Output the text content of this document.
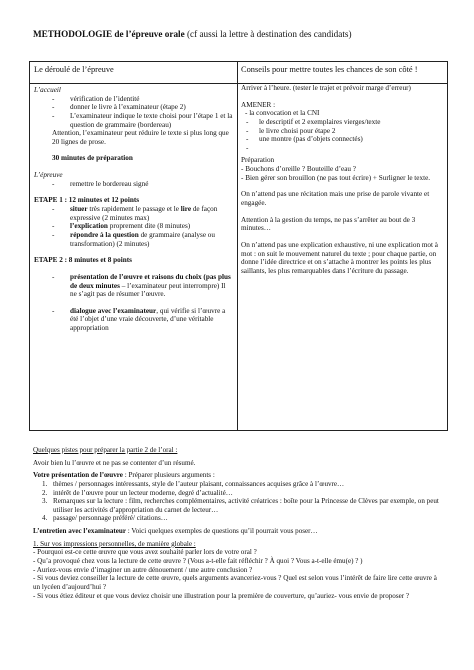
METHODOLOGIE de l’épreuve orale (cf aussi la lettre à destination des candidats)
Le déroulé de l’épreuve	Conseils pour mettre toutes les chances de son côté !
L’accueil
- vérification de l’identité
- donner le livre à l’examinateur (étape 2)
- L’examinateur indique le texte choisi pour l’étape 1 et la question de grammaire (bordereau)
Attention, l’examinateur peut réduire le texte si plus long que 20 lignes de prose.
30 minutes de préparation
L’épreuve
- remettre le bordereau signé
ETAPE 1 : 12 minutes et 12 points
- situer très rapidement le passage et le lire de façon expressive (2 minutes max)
- l’explication proprement dite (8 minutes)
- répondre à la question de grammaire (analyse ou transformation) (2 minutes)
ETAPE 2 : 8 minutes et 8 points
- présentation de l’œuvre et raisons du choix (pas plus de deux minutes – l’examinateur peut interrompre) Il ne s’agit pas de résumer l’œuvre.
- dialogue avec l’examinateur, qui vérifie si l’œuvre a été l’objet d’une vraie découverte, d’une véritable appropriation
Arriver à l’heure. (tester le trajet et prévoir marge d’erreur)
AMENER :
- la convocation et la CNI
- le descriptif et 2 exemplaires vierges/texte
- le livre choisi pour étape 2
- une montre (pas d’objets connectés)
-
Préparation
- Bouchons d’oreille ? Bouteille d’eau ?
- Bien gérer son brouillon (ne pas tout écrire) + Surligner le texte.
On n’attend pas une récitation mais une prise de parole vivante et engagée.
Attention à la gestion du temps, ne pas s’arrêter au bout de 3 minutes…
On n’attend pas une explication exhaustive, ni une explication mot à mot : on suit le mouvement naturel du texte ; pour chaque partie, on donne l’idée directrice et on s’attache à montrer les points les plus saillants, les plus remarquables dans l’écriture du passage.
Quelques pistes pour préparer la partie 2 de l’oral :
Avoir bien lu l’œuvre et ne pas se contenter d’un résumé.
Votre présentation de l’œuvre : Préparer plusieurs arguments :
1. thèmes / personnages intéressants, style de l’auteur plaisant, connaissances acquises grâce à l’œuvre…
2. intérêt de l’œuvre pour un lecteur moderne, degré d’actualité…
3. Remarques sur la lecture : film, recherches complémentaires, activité créatrices : boîte pour la Princesse de Clèves par exemple, on peut utiliser les activités d’appropriation du carnet de lecteur…
4. passage/ personnage préféré/ citations…
L’entretien avec l’examinateur : Voici quelques exemples de questions qu’il pourrait vous poser…
1. Sur vos impressions personnelles, de manière globale :
- Pourquoi est-ce cette œuvre que vous avez souhaité parler lors de votre oral ?
- Qu’a provoqué chez vous la lecture de cette œuvre ? (Vous a-t-elle fait réfléchir ? À quoi ? Vous a-t-elle ému(e) ? )
- Auriez-vous envie d’imaginer un autre dénouement / une autre conclusion ?
- Si vous deviez conseiller la lecture de cette œuvre, quels arguments avanceriez-vous ? Quel est selon vous l’intérêt de faire lire cette œuvre à un lycéen d’aujourd’hui ?
- Si vous étiez éditeur et que vous deviez choisir une illustration pour la première de couverture, qu’auriez- vous envie de proposer ?
